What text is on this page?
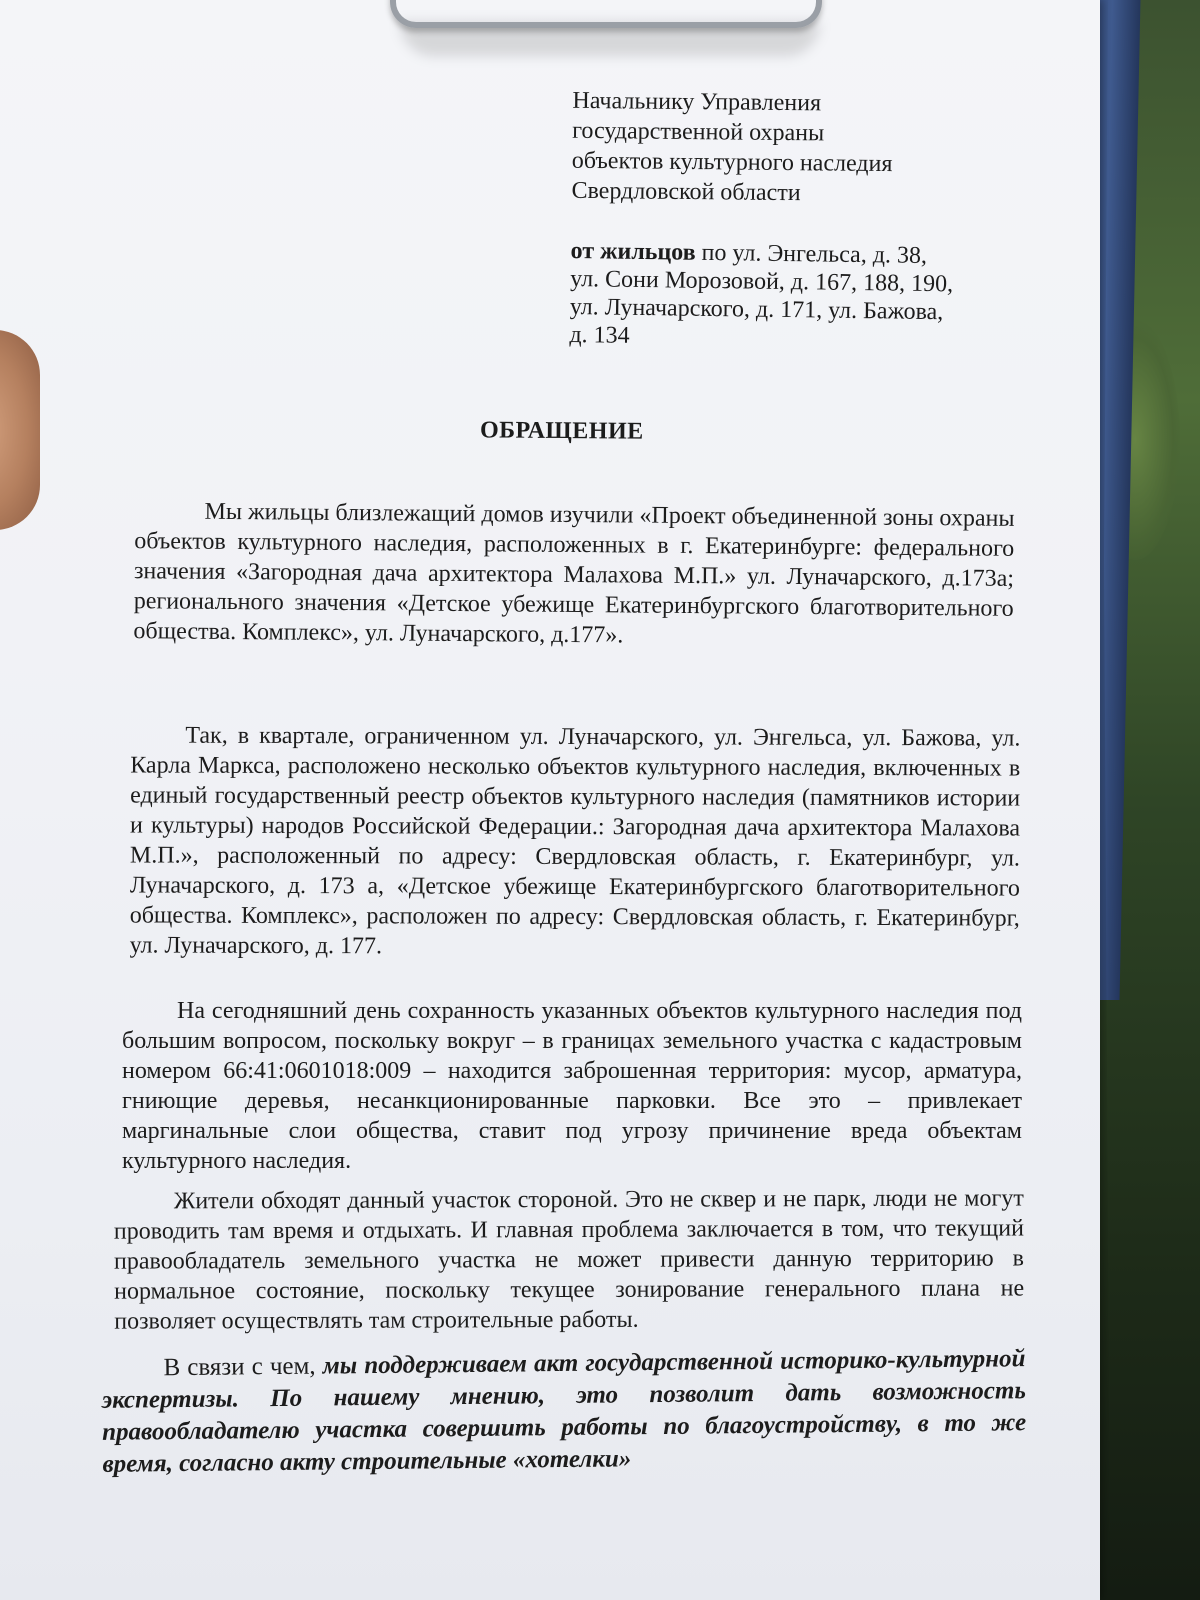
Начальнику Управления
государственной охраны
объектов культурного наследия
Свердловской области
от жильцов по ул. Энгельса, д. 38,
ул. Сони Морозовой, д. 167, 188, 190,
ул. Луначарского, д. 171, ул. Бажова,
д. 134
ОБРАЩЕНИЕ

Мы жильцы близлежащий домов изучили «Проект объединенной зоны охраны объектов культурного наследия, расположенных в г. Екатеринбурге: федерального значения «Загородная дача архитектора Малахова М.П.» ул. Луначарского, д.173а; регионального значения «Детское убежище Екатеринбургского благотворительного общества. Комплекс», ул. Луначарского, д.177».

Так, в квартале, ограниченном ул. Луначарского, ул. Энгельса, ул. Бажова, ул. Карла Маркса, расположено несколько объектов культурного наследия, включенных в единый государственный реестр объектов культурного наследия (памятников истории и культуры) народов Российской Федерации.: Загородная дача архитектора Малахова М.П.», расположенный по адресу: Свердловская область, г. Екатеринбург, ул. Луначарского, д. 173 а, «Детское убежище Екатеринбургского благотворительного общества. Комплекс», расположен по адресу: Свердловская область, г. Екатеринбург, ул. Луначарского, д. 177.

На сегодняшний день сохранность указанных объектов культурного наследия под большим вопросом, поскольку вокруг – в границах земельного участка с кадастровым номером 66:41:0601018:009 – находится заброшенная территория: мусор, арматура, гниющие деревья, несанкционированные парковки. Все это – привлекает маргинальные слои общества, ставит под угрозу причинение вреда объектам культурного наследия.

Жители обходят данный участок стороной. Это не сквер и не парк, люди не могут проводить там время и отдыхать. И главная проблема заключается в том, что текущий правообладатель земельного участка не может привести данную территорию в нормальное состояние, поскольку текущее зонирование генерального плана не позволяет осуществлять там строительные работы.

В связи с чем, мы поддерживаем акт государственной историко-культурной экспертизы. По нашему мнению, это позволит дать возможность правообладателю участка совершить работы по благоустройству, в то же время, согласно акту строительные «хотелки»
